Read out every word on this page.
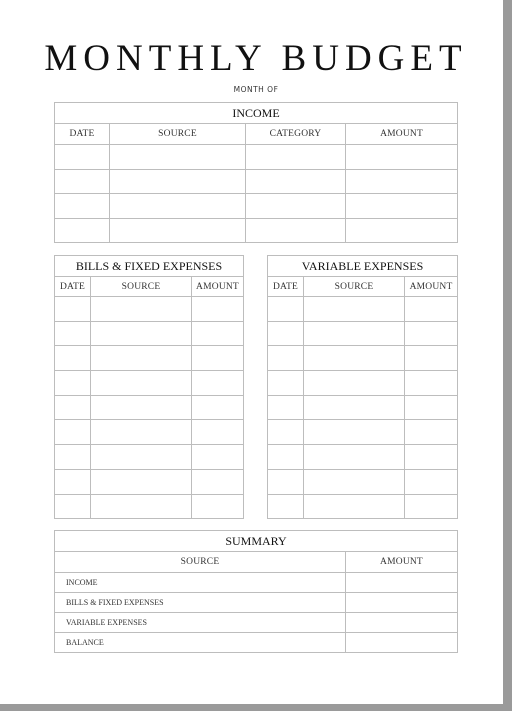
MONTHLY BUDGET
MONTH OF
INCOME			
DATE	SOURCE	CATEGORY	AMOUNT

BILLS & FIXED EXPENSES		
DATE	SOURCE	AMOUNT

VARIABLE EXPENSES		
DATE	SOURCE	AMOUNT

SUMMARY	
SOURCE	AMOUNT
INCOME	
BILLS & FIXED EXPENSES	
VARIABLE EXPENSES	
BALANCE	
